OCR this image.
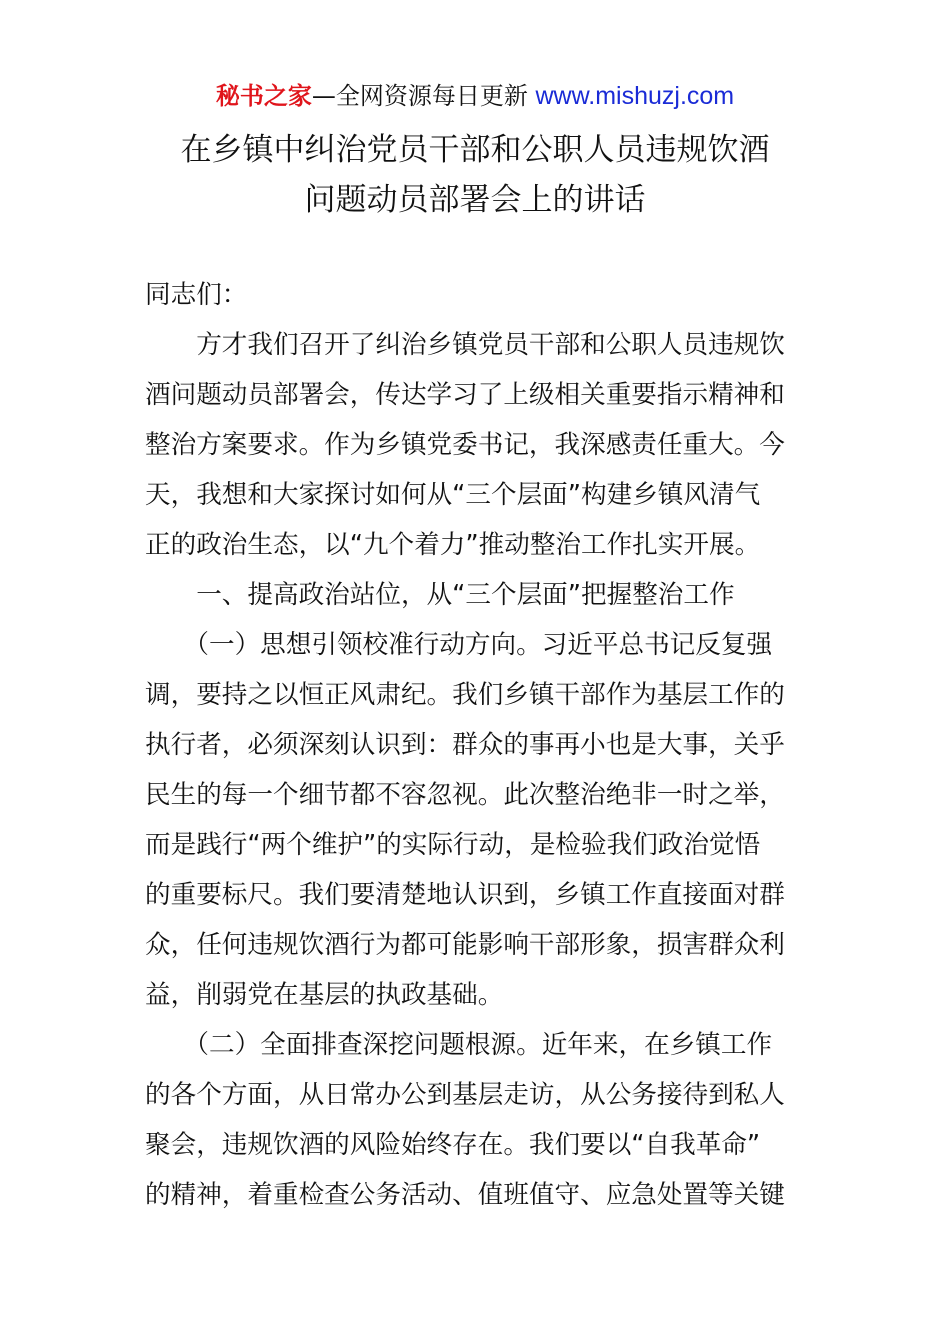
秘书之家—全网资源每日更新 www.mishuzj.com
在乡镇中纠治党员干部和公职人员违规饮酒
问题动员部署会上的讲话
同志们：
　　方才我们召开了纠治乡镇党员干部和公职人员违规饮
酒问题动员部署会，传达学习了上级相关重要指示精神和
整治方案要求。作为乡镇党委书记，我深感责任重大。今
天，我想和大家探讨如何从“三个层面”构建乡镇风清气
正的政治生态，以“九个着力”推动整治工作扎实开展。
　　一、提高政治站位，从“三个层面”把握整治工作
　　（一）思想引领校准行动方向。习近平总书记反复强
调，要持之以恒正风肃纪。我们乡镇干部作为基层工作的
执行者，必须深刻认识到：群众的事再小也是大事，关乎
民生的每一个细节都不容忽视。此次整治绝非一时之举，
而是践行“两个维护”的实际行动，是检验我们政治觉悟
的重要标尺。我们要清楚地认识到，乡镇工作直接面对群
众，任何违规饮酒行为都可能影响干部形象，损害群众利
益，削弱党在基层的执政基础。
　　（二）全面排查深挖问题根源。近年来，在乡镇工作
的各个方面，从日常办公到基层走访，从公务接待到私人
聚会，违规饮酒的风险始终存在。我们要以“自我革命”
的精神，着重检查公务活动、值班值守、应急处置等关键
